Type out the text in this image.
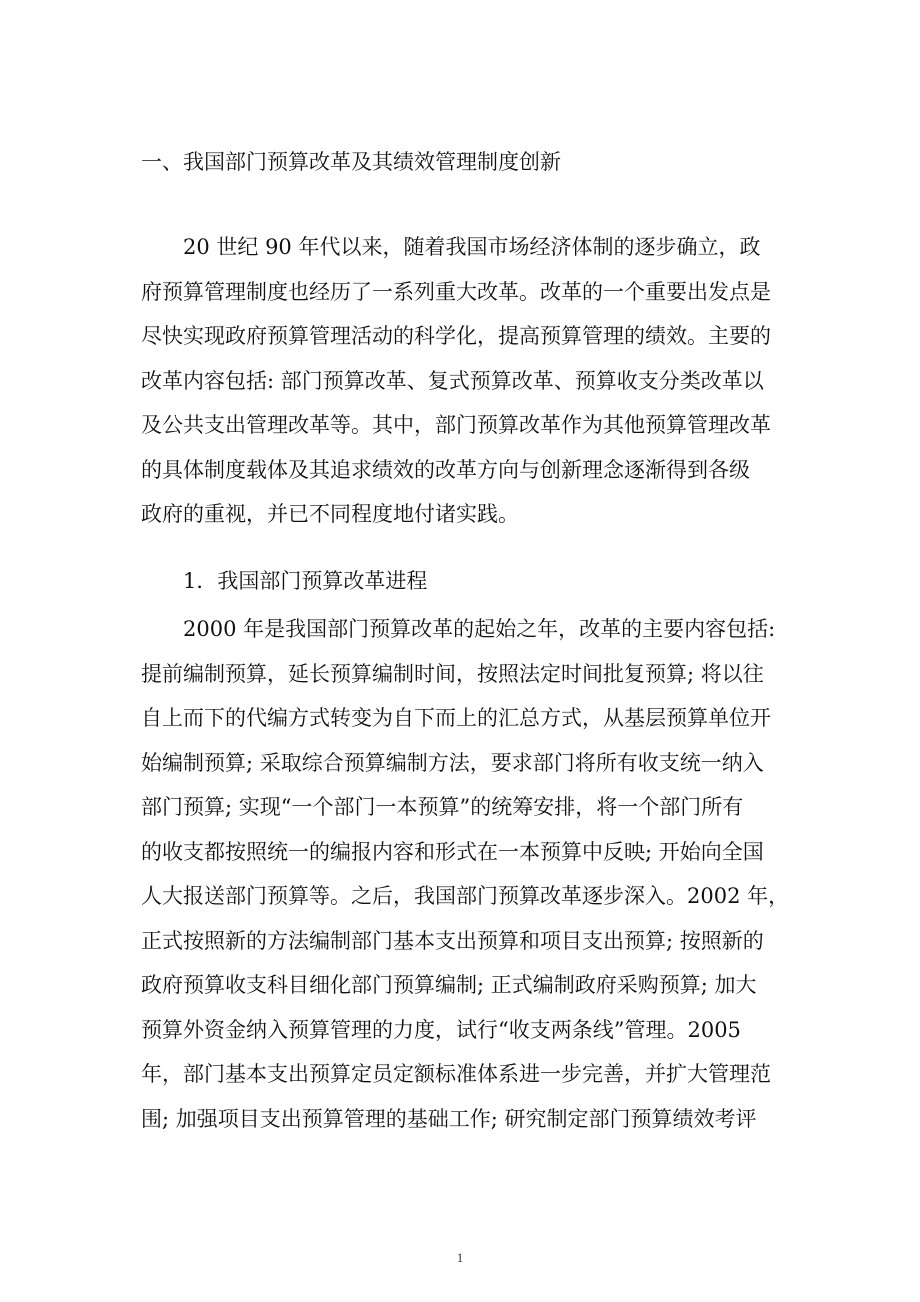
一、我国部门预算改革及其绩效管理制度创新
20 世纪 90 年代以来，随着我国市场经济体制的逐步确立，政
府预算管理制度也经历了一系列重大改革。改革的一个重要出发点是
尽快实现政府预算管理活动的科学化，提高预算管理的绩效。主要的
改革内容包括: 部门预算改革、复式预算改革、预算收支分类改革以
及公共支出管理改革等。其中，部门预算改革作为其他预算管理改革
的具体制度载体及其追求绩效的改革方向与创新理念逐渐得到各级
政府的重视，并已不同程度地付诸实践。
1．我国部门预算改革进程
2000 年是我国部门预算改革的起始之年，改革的主要内容包括:
提前编制预算，延长预算编制时间，按照法定时间批复预算; 将以往
自上而下的代编方式转变为自下而上的汇总方式，从基层预算单位开
始编制预算; 采取综合预算编制方法，要求部门将所有收支统一纳入
部门预算; 实现“一个部门一本预算”的统筹安排，将一个部门所有
的收支都按照统一的编报内容和形式在一本预算中反映; 开始向全国
人大报送部门预算等。之后，我国部门预算改革逐步深入。2002 年，
正式按照新的方法编制部门基本支出预算和项目支出预算; 按照新的
政府预算收支科目细化部门预算编制; 正式编制政府采购预算; 加大
预算外资金纳入预算管理的力度，试行“收支两条线”管理。2005
年，部门基本支出预算定员定额标准体系进一步完善，并扩大管理范
围; 加强项目支出预算管理的基础工作; 研究制定部门预算绩效考评
1
